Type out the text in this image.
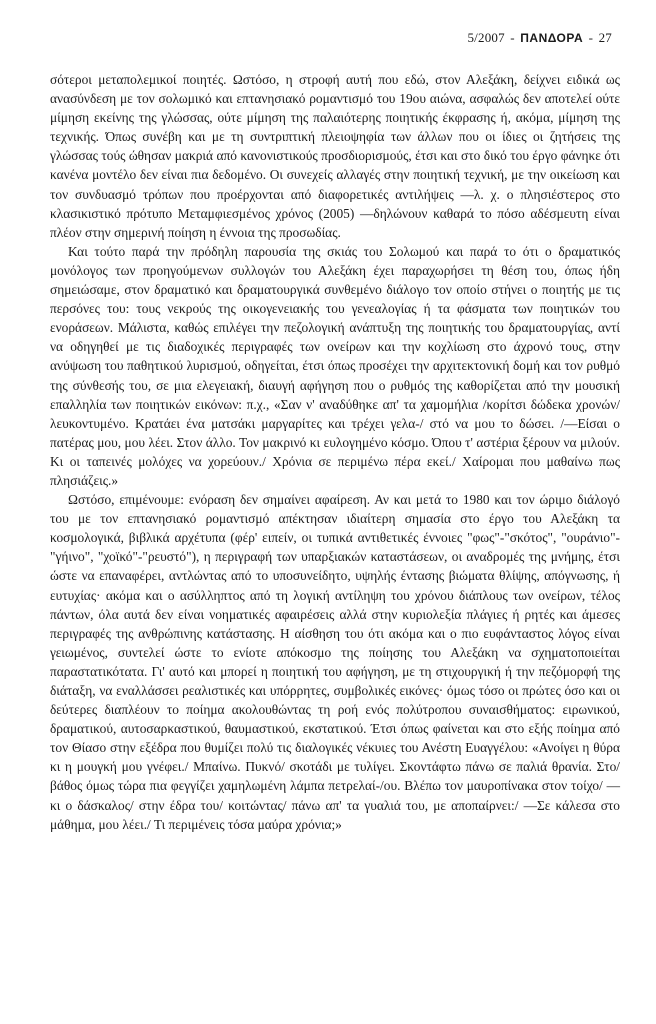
5/2007 - ΠΑΝΔΟΡΑ - 27

σότεροι μεταπολεμικοί ποιητές. Ωστόσο, η στροφή αυτή που εδώ, στον Αλεξάκη, δείχνει ειδικά ως ανασύνδεση με τον σολωμικό και επτανησιακό ρομαντισμό του 19ου αιώνα, ασφαλώς δεν αποτελεί ούτε μίμηση εκείνης της γλώσσας, ούτε μίμηση της παλαιότερης ποιητικής έκφρασης ή, ακόμα, μίμηση της τεχνικής. Όπως συνέβη και με τη συντριπτική πλειοψηφία των άλλων που οι ίδιες οι ζητήσεις της γλώσσας τούς ώθησαν μακριά από κανονιστικούς προσδιορισμούς, έτσι και στο δικό του έργο φάνηκε ότι κανένα μοντέλο δεν είναι πια δεδομένο. Οι συνεχείς αλλαγές στην ποιητική τεχνική, με την οικείωση και τον συνδυασμό τρόπων που προέρχονται από διαφορετικές αντιλήψεις —λ. χ. ο πλησιέστερος στο κλασικιστικό πρότυπο Μεταμφιεσμένος χρόνος (2005) —δηλώνουν καθαρά το πόσο αδέσμευτη είναι πλέον στην σημερινή ποίηση η έννοια της προσωδίας.

Και τούτο παρά την πρόδηλη παρουσία της σκιάς του Σολωμού και παρά το ότι ο δραματικός μονόλογος των προηγούμενων συλλογών του Αλεξάκη έχει παραχωρήσει τη θέση του, όπως ήδη σημειώσαμε, στον δραματικό και δραματουργικά συνθεμένο διάλογο τον οποίο στήνει ο ποιητής με τις περσόνες του: τους νεκρούς της οικογενειακής του γενεαλογίας ή τα φάσματα των ποιητικών του ενοράσεων. Μάλιστα, καθώς επιλέγει την πεζολογική ανάπτυξη της ποιητικής του δραματουργίας, αντί να οδηγηθεί με τις διαδοχικές περιγραφές των ονείρων και την κοχλίωση στο άχρονό τους, στην ανύψωση του παθητικού λυρισμού, οδηγείται, έτσι όπως προσέχει την αρχιτεκτονική δομή και τον ρυθμό της σύνθεσής του, σε μια ελεγειακή, διαυγή αφήγηση που ο ρυθμός της καθορίζεται από την μουσική επαλληλία των ποιητικών εικόνων: π.χ., «Σαν ν' αναδύθηκε απ' τα χαμομήλια /κορίτσι δώδεκα χρονών/ λευκοντυμένο. Κρατάει ένα ματσάκι μαργαρίτες και τρέχει γελα-/ στό να μου το δώσει. /—Είσαι ο πατέρας μου, μου λέει. Στον άλλο. Τον μακρινό κι ευλογημένο κόσμο. Όπου τ' αστέρια ξέρουν να μιλούν. Κι οι ταπεινές μολόχες να χορεύουν./ Χρόνια σε περιμένω πέρα εκεί./ Χαίρομαι που μαθαίνω πως πλησιάζεις.»

Ωστόσο, επιμένουμε: ενόραση δεν σημαίνει αφαίρεση. Αν και μετά το 1980 και τον ώριμο διάλογό του με τον επτανησιακό ρομαντισμό απέκτησαν ιδιαίτερη σημασία στο έργο του Αλεξάκη τα κοσμολογικά, βιβλικά αρχέτυπα (φέρ' ειπείν, οι τυπικά αντιθετικές έννοιες "φως"-"σκότος", "ουράνιο"-"γήινο", "χοϊκό"-"ρευστό"), η περιγραφή των υπαρξιακών καταστάσεων, οι αναδρομές της μνήμης, έτσι ώστε να επαναφέρει, αντλώντας από το υποσυνείδητο, υψηλής έντασης βιώματα θλίψης, απόγνωσης, ή ευτυχίας· ακόμα και ο ασύλληπτος από τη λογική αντίληψη του χρόνου διάπλους των ονείρων, τέλος πάντων, όλα αυτά δεν είναι νοηματικές αφαιρέσεις αλλά στην κυριολεξία πλάγιες ή ρητές και άμεσες περιγραφές της ανθρώπινης κατάστασης. Η αίσθηση του ότι ακόμα και ο πιο ευφάνταστος λόγος είναι γειωμένος, συντελεί ώστε το ενίοτε απόκοσμο της ποίησης του Αλεξάκη να σχηματοποιείται παραστατικότατα. Γι' αυτό και μπορεί η ποιητική του αφήγηση, με τη στιχουργική ή την πεζόμορφή της διάταξη, να εναλλάσσει ρεαλιστικές και υπόρρητες, συμβολικές εικόνες· όμως τόσο οι πρώτες όσο και οι δεύτερες διαπλέουν το ποίημα ακολουθώντας τη ροή ενός πολύτροπου συναισθήματος: ειρωνικού, δραματικού, αυτοσαρκαστικού, θαυμαστικού, εκστατικού. Έτσι όπως φαίνεται και στο εξής ποίημα από τον Θίασο στην εξέδρα που θυμίζει πολύ τις διαλογικές νέκυιες του Ανέστη Ευαγγέλου: «Ανοίγει η θύρα κι η μουγκή μου γνέφει./ Μπαίνω. Πυκνό/ σκοτάδι με τυλίγει. Σκοντάφτω πάνω σε παλιά θρανία. Στο/ βάθος όμως τώρα πια φεγγίζει χαμηλωμένη λάμπα πετρελαί-/ου. Βλέπω τον μαυροπίνακα στον τοίχο/ —κι ο δάσκαλος/ στην έδρα του/ κοιτώντας/ πάνω απ' τα γυαλιά του, με αποπαίρνει:/ —Σε κάλεσα στο μάθημα, μου λέει./ Τι περιμένεις τόσα μαύρα χρόνια;»
